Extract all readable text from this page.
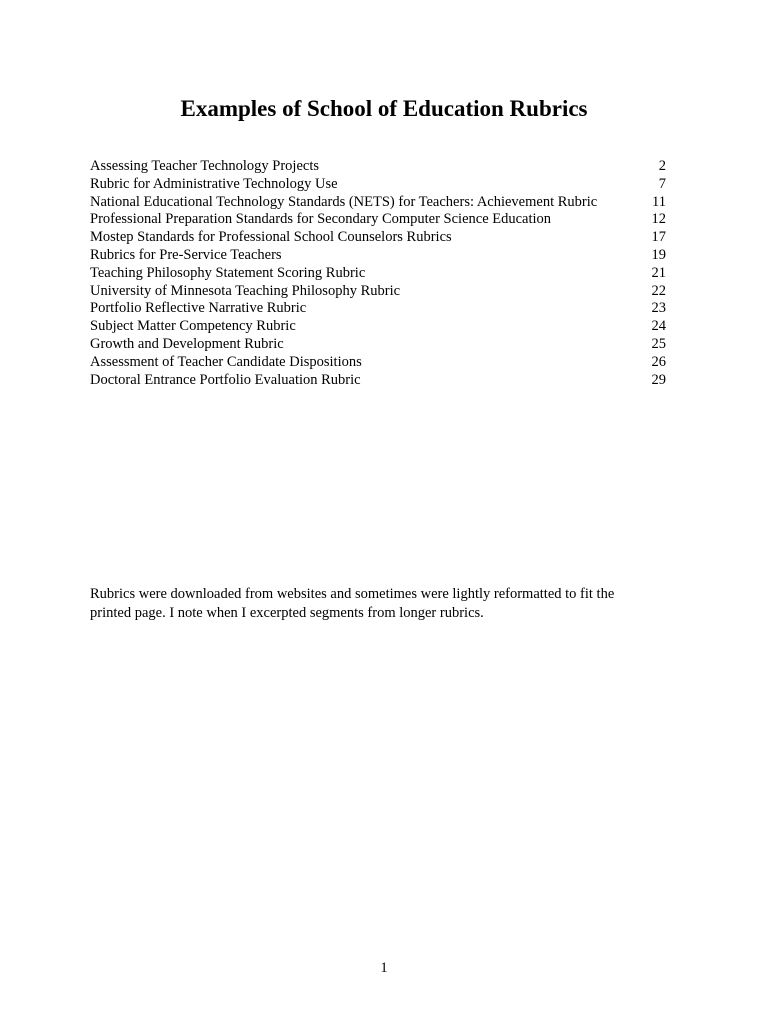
Examples of School of Education Rubrics
Assessing Teacher Technology Projects	2
Rubric for Administrative Technology Use	7
National Educational Technology Standards (NETS) for Teachers: Achievement Rubric	11
Professional Preparation Standards for Secondary Computer Science Education	12
Mostep Standards for Professional School Counselors Rubrics	17
Rubrics for Pre-Service Teachers	19
Teaching Philosophy Statement Scoring Rubric	21
University of Minnesota Teaching Philosophy Rubric	22
Portfolio Reflective Narrative Rubric	23
Subject Matter Competency Rubric	24
Growth and Development Rubric	25
Assessment of Teacher Candidate Dispositions	26
Doctoral Entrance Portfolio Evaluation Rubric	29
Rubrics were downloaded from websites and sometimes were lightly reformatted to fit the
printed page. I note when I excerpted segments from longer rubrics.
1
